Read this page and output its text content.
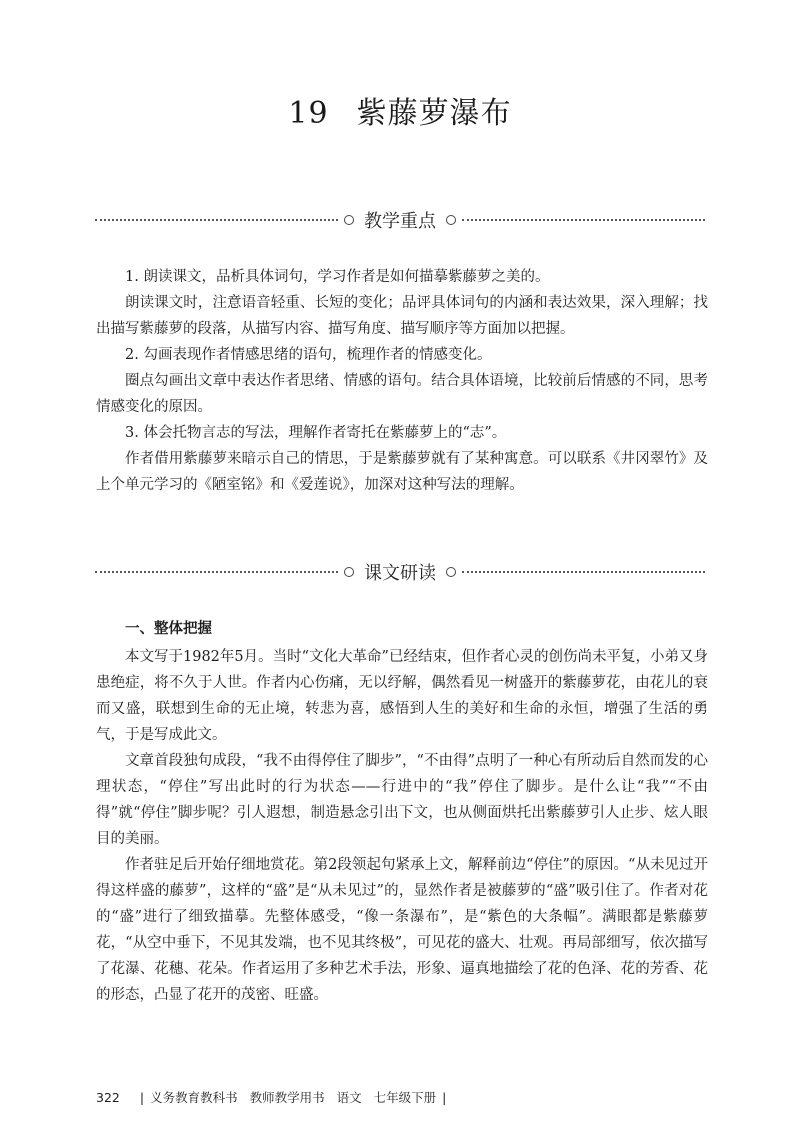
19 紫藤萝瀑布
教学重点

1. 朗读课文，品析具体词句，学习作者是如何描摹紫藤萝之美的。

朗读课文时，注意语音轻重、长短的变化；品评具体词句的内涵和表达效果，深入理解；找出描写紫藤萝的段落，从描写内容、描写角度、描写顺序等方面加以把握。

2. 勾画表现作者情感思绪的语句，梳理作者的情感变化。

圈点勾画出文章中表达作者思绪、情感的语句。结合具体语境，比较前后情感的不同，思考情感变化的原因。

3. 体会托物言志的写法，理解作者寄托在紫藤萝上的“志”。

作者借用紫藤萝来暗示自己的情思，于是紫藤萝就有了某种寓意。可以联系《井冈翠竹》及上个单元学习的《陋室铭》和《爱莲说》，加深对这种写法的理解。

课文研读

一、整体把握

本文写于1982年5月。当时“文化大革命”已经结束，但作者心灵的创伤尚未平复，小弟又身患绝症，将不久于人世。作者内心伤痛，无以纾解，偶然看见一树盛开的紫藤萝花，由花儿的衰而又盛，联想到生命的无止境，转悲为喜，感悟到人生的美好和生命的永恒，增强了生活的勇气，于是写成此文。

文章首段独句成段，“我不由得停住了脚步”，“不由得”点明了一种心有所动后自然而发的心理状态，“停住”写出此时的行为状态——行进中的“我”停住了脚步。是什么让“我”“不由得”就“停住”脚步呢？引人遐想，制造悬念引出下文，也从侧面烘托出紫藤萝引人止步、炫人眼目的美丽。

作者驻足后开始仔细地赏花。第2段领起句紧承上文，解释前边“停住”的原因。“从未见过开得这样盛的藤萝”，这样的“盛”是“从未见过”的，显然作者是被藤萝的“盛”吸引住了。作者对花的“盛”进行了细致描摹。先整体感受，“像一条瀑布”，是“紫色的大条幅”。满眼都是紫藤萝花，“从空中垂下，不见其发端，也不见其终极”，可见花的盛大、壮观。再局部细写，依次描写了花瀑、花穗、花朵。作者运用了多种艺术手法，形象、逼真地描绘了花的色泽、花的芳香、花的形态，凸显了花开的茂密、旺盛。

322 | 义务教育教科书 教师教学用书 语文 七年级下册 |
